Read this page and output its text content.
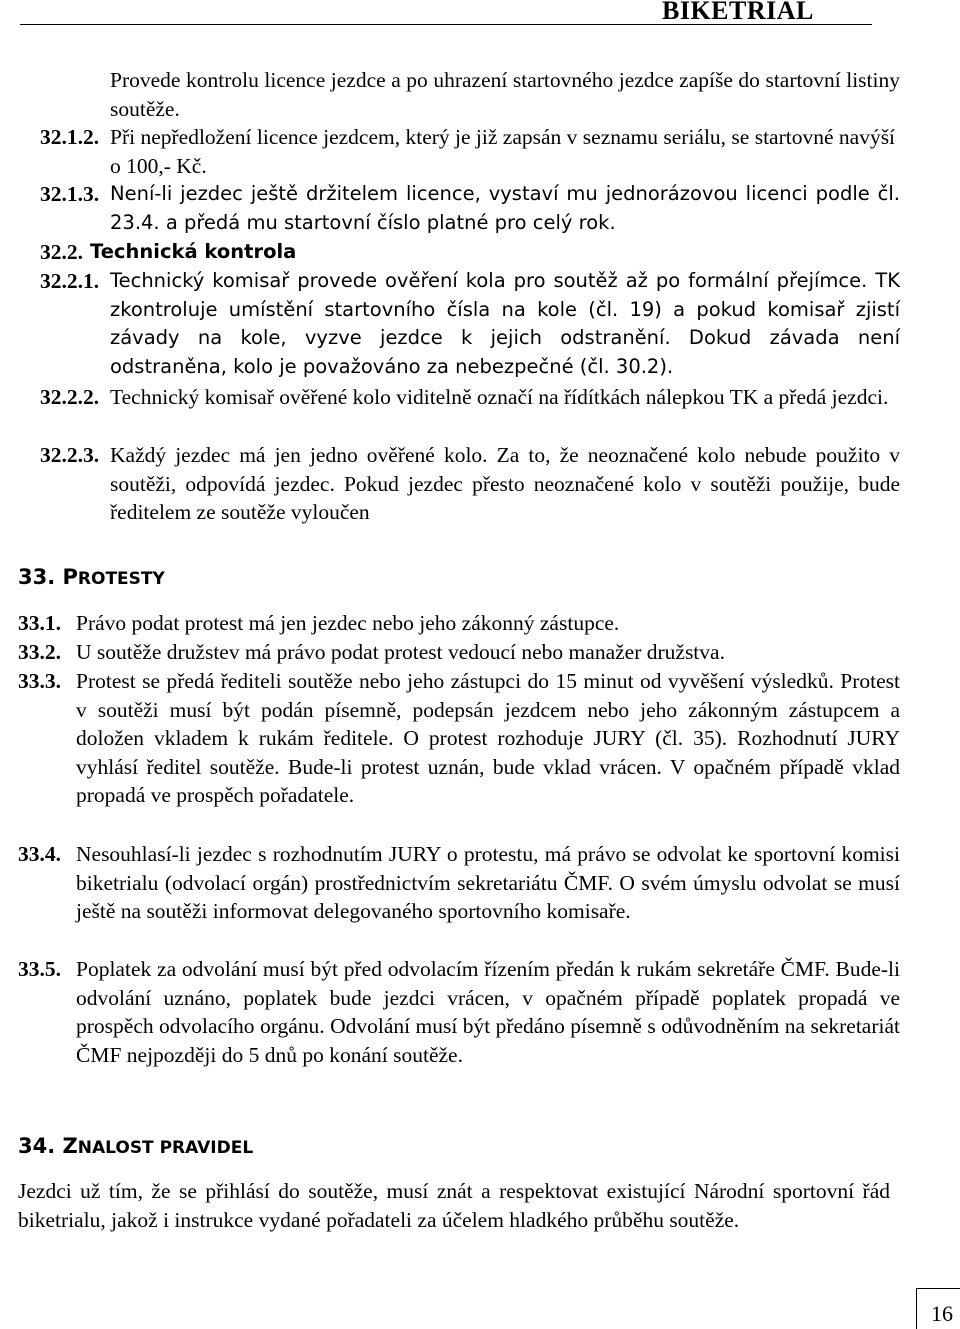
BIKETRIAL
Provede kontrolu licence jezdce a po uhrazení startovného jezdce zapíše do startovní listiny soutěže.
32.1.2. Při nepředložení licence jezdcem, který je již zapsán v seznamu seriálu, se startovné navýší o 100,- Kč.
32.1.3. Není-li jezdec ještě držitelem licence, vystaví mu jednorázovou licenci podle čl. 23.4. a předá mu startovní číslo platné pro celý rok.
32.2. Technická kontrola
32.2.1. Technický komisař provede ověření kola pro soutěž až po formální přejímce. TK zkontroluje umístění startovního čísla na kole (čl. 19) a pokud komisař zjistí závady na kole, vyzve jezdce k jejich odstranění. Dokud závada není odstraněna, kolo je považováno za nebezpečné (čl. 30.2).
32.2.2. Technický komisař ověřené kolo viditelně označí na řídítkách nálepkou TK a předá jezdci.
32.2.3. Každý jezdec má jen jedno ověřené kolo. Za to, že neoznačené kolo nebude použito v soutěži, odpovídá jezdec. Pokud jezdec přesto neoznačené kolo v soutěži použije, bude ředitelem ze soutěže vyloučen
33. PROTESTY
33.1. Právo podat protest má jen jezdec nebo jeho zákonný zástupce.
33.2. U soutěže družstev má právo podat protest vedoucí nebo manažer družstva.
33.3. Protest se předá řediteli soutěže nebo jeho zástupci do 15 minut od vyvěšení výsledků. Protest v soutěži musí být podán písemně, podepsán jezdcem nebo jeho zákonným zástupcem a doložen vkladem k rukám ředitele. O protest rozhoduje JURY (čl. 35). Rozhodnutí JURY vyhlásí ředitel soutěže. Bude-li protest uznán, bude vklad vrácen. V opačném případě vklad propadá ve prospěch pořadatele.
33.4. Nesouhlasí-li jezdec s rozhodnutím JURY o protestu, má právo se odvolat ke sportovní komisi biketrialu (odvolací orgán) prostřednictvím sekretariátu ČMF. O svém úmyslu odvolat se musí ještě na soutěži informovat delegovaného sportovního komisaře.
33.5. Poplatek za odvolání musí být před odvolacím řízením předán k rukám sekretáře ČMF. Bude-li odvolání uznáno, poplatek bude jezdci vrácen, v opačném případě poplatek propadá ve prospěch odvolacího orgánu. Odvolání musí být předáno písemně s odůvodněním na sekretariát ČMF nejpozději do 5 dnů po konání soutěže.
34. ZNALOST PRAVIDEL
Jezdci už tím, že se přihlásí do soutěže, musí znát a respektovat existující Národní sportovní řád biketrialu, jakož i instrukce vydané pořadateli za účelem hladkého průběhu soutěže.
16
